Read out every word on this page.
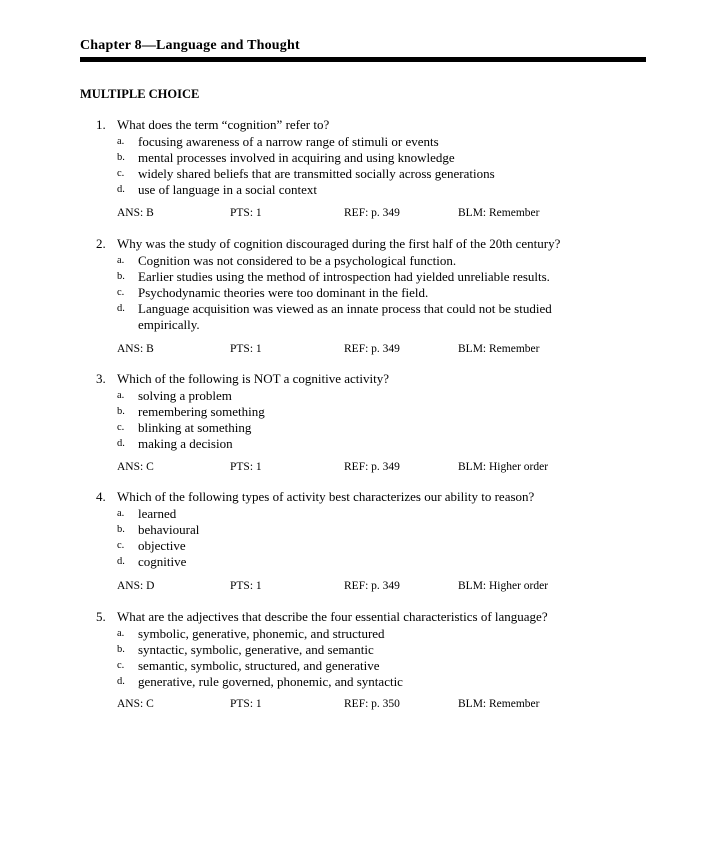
Chapter 8—Language and Thought
MULTIPLE CHOICE
1. What does the term “cognition” refer to?
a. focusing awareness of a narrow range of stimuli or events
b. mental processes involved in acquiring and using knowledge
c. widely shared beliefs that are transmitted socially across generations
d. use of language in a social context
ANS: B	PTS: 1	REF: p. 349	BLM: Remember
2. Why was the study of cognition discouraged during the first half of the 20th century?
a. Cognition was not considered to be a psychological function.
b. Earlier studies using the method of introspection had yielded unreliable results.
c. Psychodynamic theories were too dominant in the field.
d. Language acquisition was viewed as an innate process that could not be studied empirically.
ANS: B	PTS: 1	REF: p. 349	BLM: Remember
3. Which of the following is NOT a cognitive activity?
a. solving a problem
b. remembering something
c. blinking at something
d. making a decision
ANS: C	PTS: 1	REF: p. 349	BLM: Higher order
4. Which of the following types of activity best characterizes our ability to reason?
a. learned
b. behavioural
c. objective
d. cognitive
ANS: D	PTS: 1	REF: p. 349	BLM: Higher order
5. What are the adjectives that describe the four essential characteristics of language?
a. symbolic, generative, phonemic, and structured
b. syntactic, symbolic, generative, and semantic
c. semantic, symbolic, structured, and generative
d. generative, rule governed, phonemic, and syntactic
ANS: C	PTS: 1	REF: p. 350	BLM: Remember
